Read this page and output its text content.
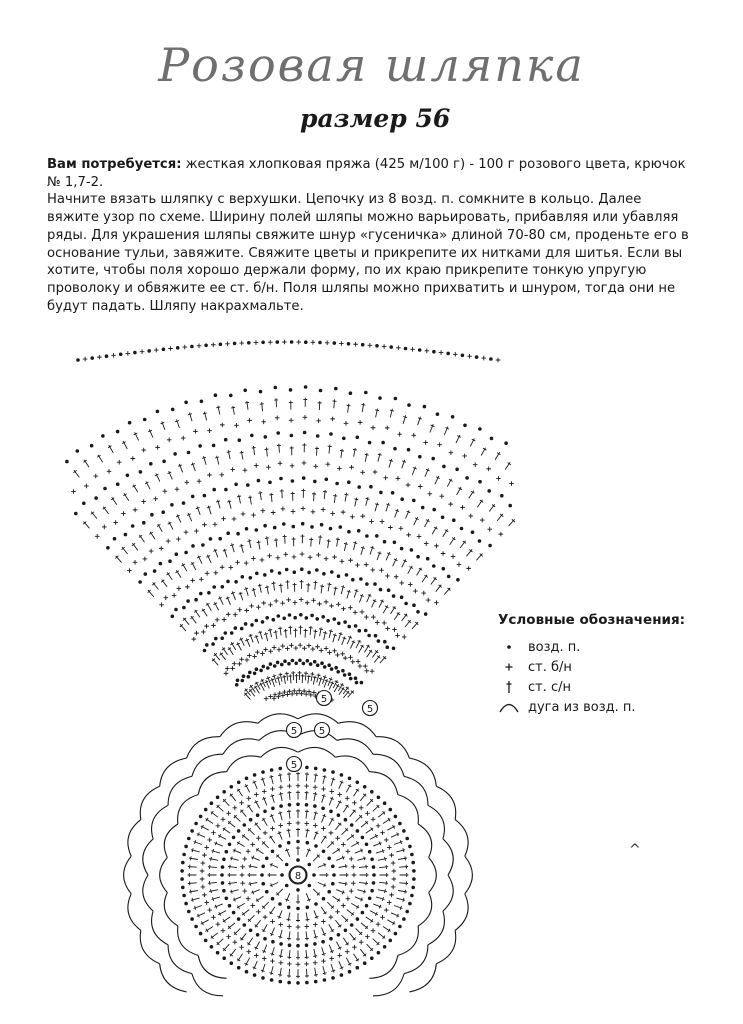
Розовая шляпка
размер 56

Вам потребуется: жесткая хлопковая пряжа (425 м/100 г) - 100 г розового цвета, крючок № 1,7-2.

Начните вязать шляпку с верхушки. Цепочку из 8 возд. п. сомкните в кольцо. Далее вяжите узор по схеме. Ширину полей шляпы можно варьировать, прибавляя или убавляя ряды. Для украшения шляпы свяжите шнур «гусеничка» длиной 70-80 см, проденьте его в основание тульи, завяжите. Свяжите цветы и прикрепите их нитками для шитья. Если вы хотите, чтобы поля хорошо держали форму, по их краю прикрепите тонкую упругую проволоку и обвяжите ее ст. б/н. Поля шляпы можно прихватить и шнуром, тогда они не будут падать. Шляпу накрахмальте.

5
5
5 5
5
8
Условные обозначения:
возд. п.
ст. б/н
ст. с/н
дуга из возд. п.
^
